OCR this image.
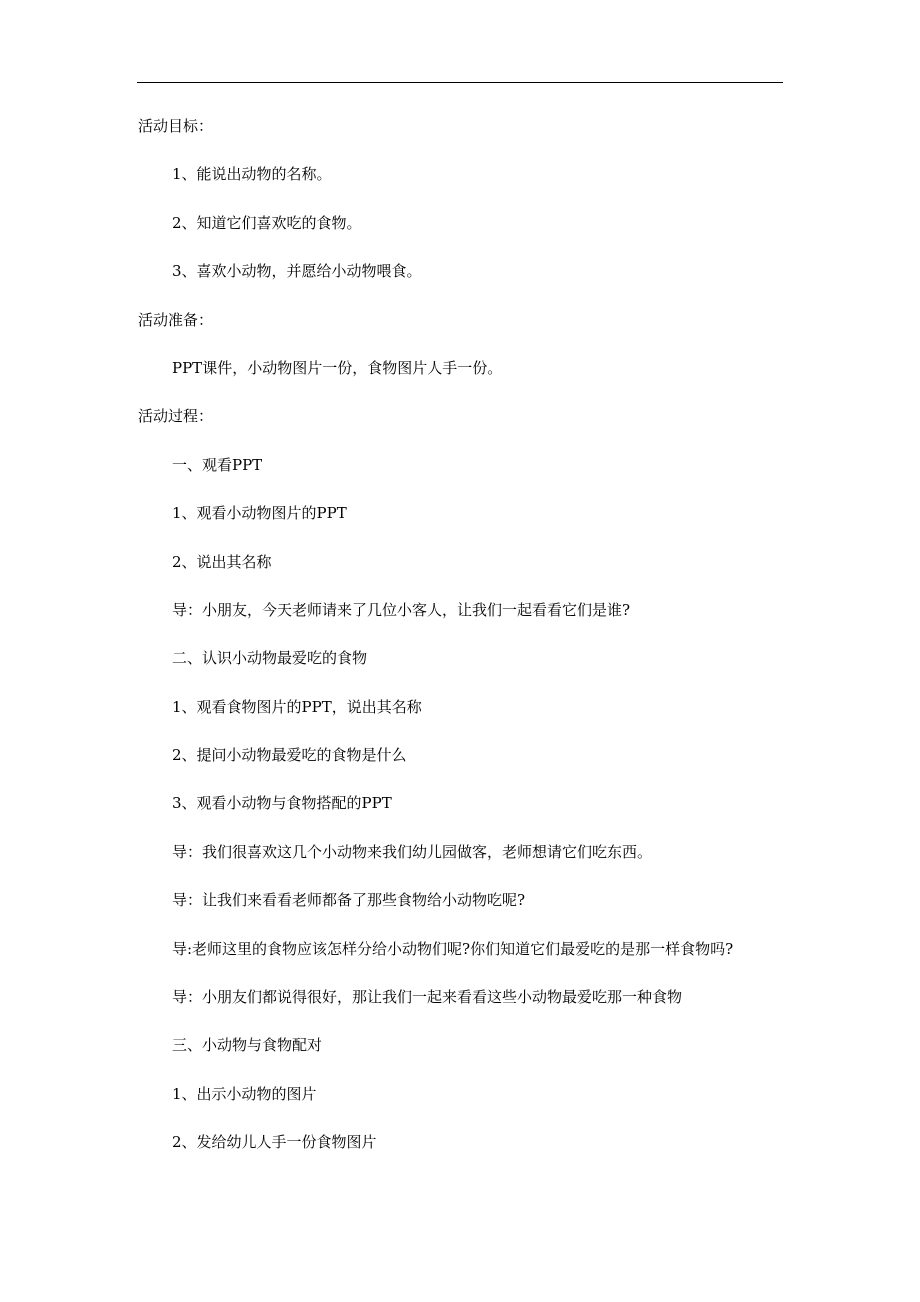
活动目标：
1、能说出动物的名称。
2、知道它们喜欢吃的食物。
3、喜欢小动物，并愿给小动物喂食。
活动准备：
PPT课件，小动物图片一份，食物图片人手一份。
活动过程：
一、观看PPT
1、观看小动物图片的PPT
2、说出其名称
导：小朋友，今天老师请来了几位小客人，让我们一起看看它们是谁?
二、认识小动物最爱吃的食物
1、观看食物图片的PPT，说出其名称
2、提问小动物最爱吃的食物是什么
3、观看小动物与食物搭配的PPT
导：我们很喜欢这几个小动物来我们幼儿园做客，老师想请它们吃东西。
导：让我们来看看老师都备了那些食物给小动物吃呢?
导:老师这里的食物应该怎样分给小动物们呢?你们知道它们最爱吃的是那一样食物吗?
导：小朋友们都说得很好，那让我们一起来看看这些小动物最爱吃那一种食物
三、小动物与食物配对
1、出示小动物的图片
2、发给幼儿人手一份食物图片
